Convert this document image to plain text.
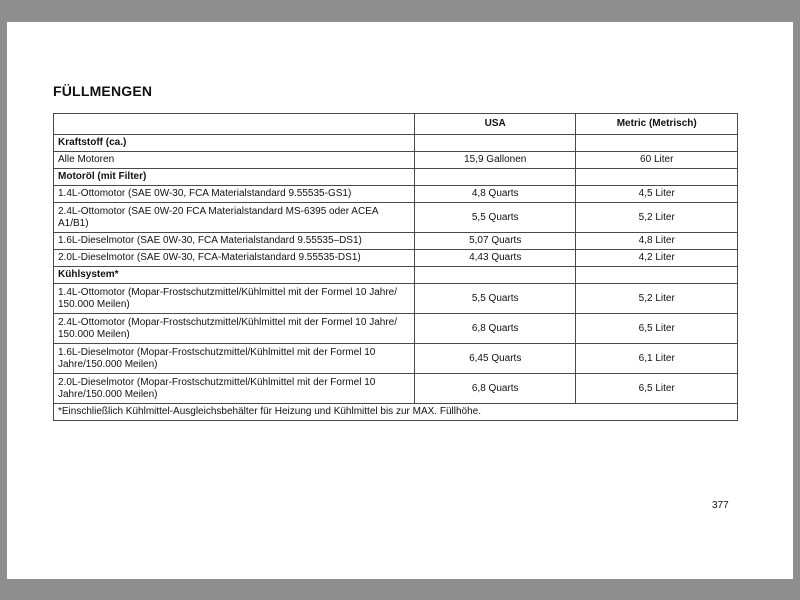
FÜLLMENGEN
	USA	Metric (Metrisch)
Kraftstoff (ca.)		
Alle Motoren	15,9 Gallonen	60 Liter
Motoröl (mit Filter)		
1.4L-Ottomotor (SAE 0W-30, FCA Materialstandard 9.55535-GS1)	4,8 Quarts	4,5 Liter
2.4L-Ottomotor (SAE 0W-20 FCA Materialstandard MS-6395 oder ACEA A1/B1)	5,5 Quarts	5,2 Liter
1.6L-Dieselmotor (SAE 0W-30, FCA Materialstandard 9.55535–DS1)	5,07 Quarts	4,8 Liter
2.0L-Dieselmotor (SAE 0W-30, FCA-Materialstandard 9.55535-DS1)	4,43 Quarts	4,2 Liter
Kühlsystem*		
1.4L-Ottomotor (Mopar-Frostschutzmittel/Kühlmittel mit der Formel 10 Jahre/ 150.000 Meilen)	5,5 Quarts	5,2 Liter
2.4L-Ottomotor (Mopar-Frostschutzmittel/Kühlmittel mit der Formel 10 Jahre/ 150.000 Meilen)	6,8 Quarts	6,5 Liter
1.6L-Dieselmotor (Mopar-Frostschutzmittel/Kühlmittel mit der Formel 10 Jahre/150.000 Meilen)	6,45 Quarts	6,1 Liter
2.0L-Dieselmotor (Mopar-Frostschutzmittel/Kühlmittel mit der Formel 10 Jahre/150.000 Meilen)	6,8 Quarts	6,5 Liter
*Einschließlich Kühlmittel-Ausgleichsbehälter für Heizung und Kühlmittel bis zur MAX. Füllhöhe.		
377
